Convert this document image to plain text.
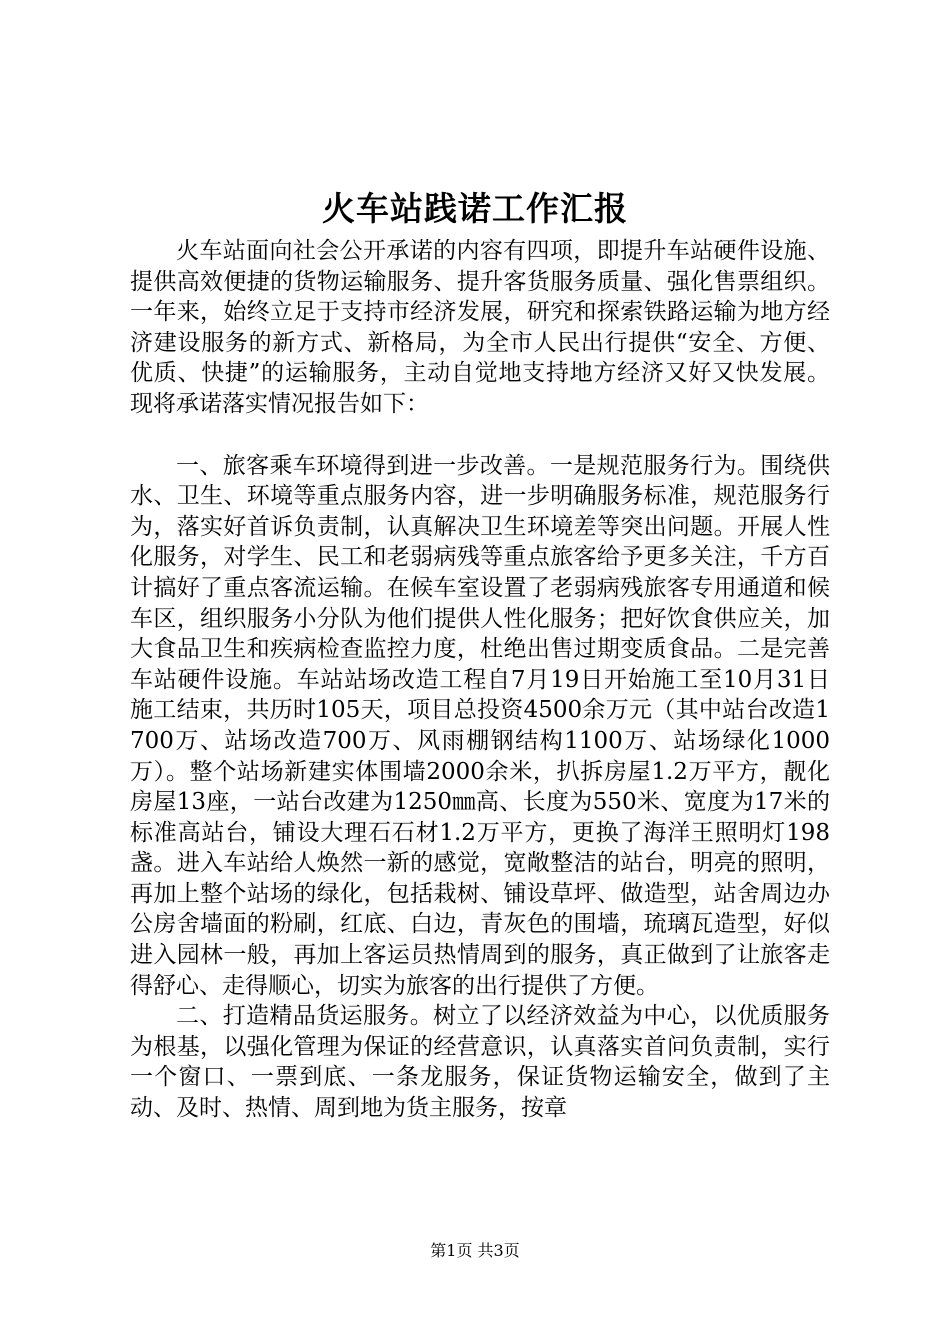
火车站践诺工作汇报

火车站面向社会公开承诺的内容有四项，即提升车站硬件设施、提供高效便捷的货物运输服务、提升客货服务质量、强化售票组织。一年来，始终立足于支持市经济发展，研究和探索铁路运输为地方经济建设服务的新方式、新格局，为全市人民出行提供“安全、方便、优质、快捷”的运输服务，主动自觉地支持地方经济又好又快发展。现将承诺落实情况报告如下：

一、旅客乘车环境得到进一步改善。一是规范服务行为。围绕供水、卫生、环境等重点服务内容，进一步明确服务标准，规范服务行为，落实好首诉负责制，认真解决卫生环境差等突出问题。开展人性化服务，对学生、民工和老弱病残等重点旅客给予更多关注，千方百计搞好了重点客流运输。在候车室设置了老弱病残旅客专用通道和候车区，组织服务小分队为他们提供人性化服务；把好饮食供应关，加大食品卫生和疾病检查监控力度，杜绝出售过期变质食品。二是完善车站硬件设施。车站站场改造工程自7月19日开始施工至10月31日施工结束，共历时105天，项目总投资4500余万元（其中站台改造1700万、站场改造700万、风雨棚钢结构1100万、站场绿化1000万）。整个站场新建实体围墙2000余米，扒拆房屋1.2万平方，靓化房屋13座，一站台改建为1250㎜高、长度为550米、宽度为17米的标准高站台，铺设大理石石材1.2万平方，更换了海洋王照明灯198盏。进入车站给人焕然一新的感觉，宽敞整洁的站台，明亮的照明，再加上整个站场的绿化，包括栽树、铺设草坪、做造型，站舍周边办公房舍墙面的粉刷，红底、白边，青灰色的围墙，琉璃瓦造型，好似进入园林一般，再加上客运员热情周到的服务，真正做到了让旅客走得舒心、走得顺心，切实为旅客的出行提供了方便。

二、打造精品货运服务。树立了以经济效益为中心，以优质服务为根基，以强化管理为保证的经营意识，认真落实首问负责制，实行一个窗口、一票到底、一条龙服务，保证货物运输安全，做到了主动、及时、热情、周到地为货主服务，按章

第1页 共3页
